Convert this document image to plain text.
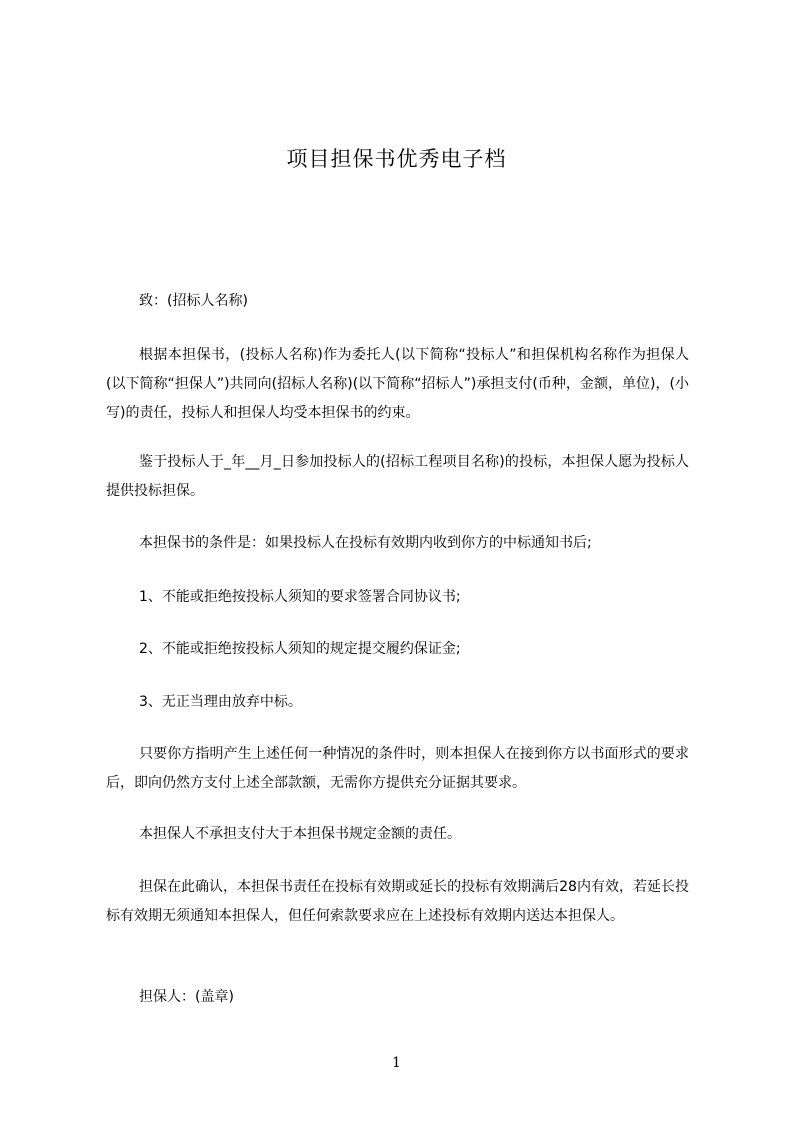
项目担保书优秀电子档
致：(招标人名称)
根据本担保书，(投标人名称)作为委托人(以下简称“投标人”和担保机构名称作为担保人(以下简称“担保人”)共同向(招标人名称)(以下简称“招标人”)承担支付(币种，金额，单位)，(小写)的责任，投标人和担保人均受本担保书的约束。
鉴于投标人于_年__月_日参加投标人的(招标工程项目名称)的投标，本担保人愿为投标人提供投标担保。
本担保书的条件是：如果投标人在投标有效期内收到你方的中标通知书后;
1、不能或拒绝按投标人须知的要求签署合同协议书;
2、不能或拒绝按投标人须知的规定提交履约保证金;
3、无正当理由放弃中标。
只要你方指明产生上述任何一种情况的条件时，则本担保人在接到你方以书面形式的要求后，即向仍然方支付上述全部款额，无需你方提供充分证据其要求。
本担保人不承担支付大于本担保书规定金额的责任。
担保在此确认，本担保书责任在投标有效期或延长的投标有效期满后28内有效，若延长投标有效期无须通知本担保人，但任何索款要求应在上述投标有效期内送达本担保人。
担保人：(盖章)
1
